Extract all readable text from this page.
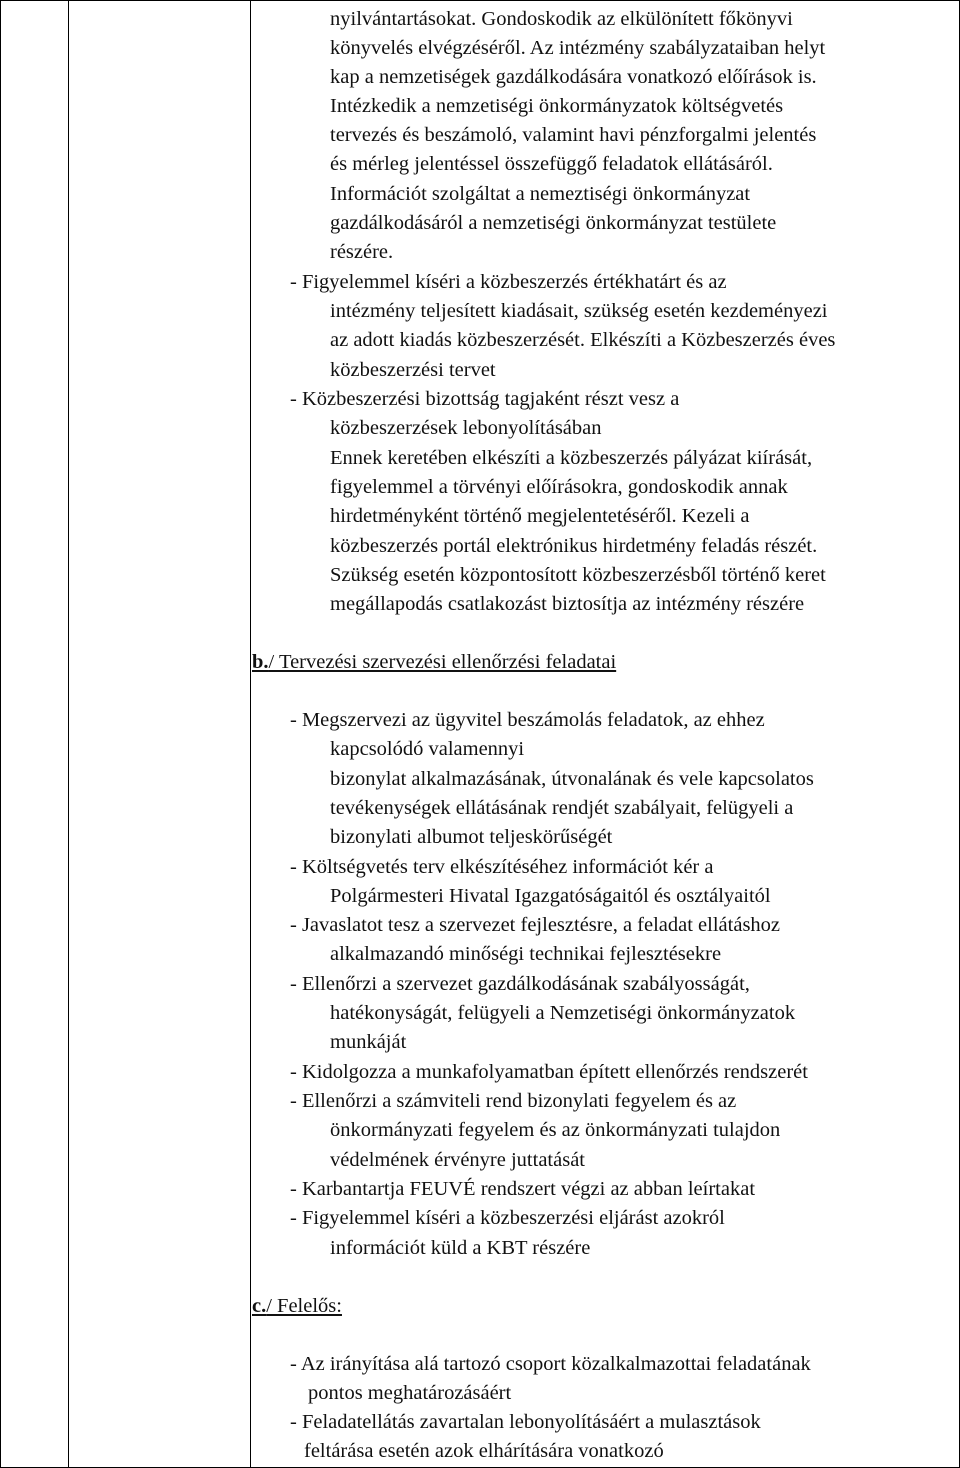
nyilvántartásokat. Gondoskodik az elkülönített főkönyvi
könyvelés elvégzéséről. Az intézmény szabályzataiban helyt
kap a nemzetiségek gazdálkodására vonatkozó előírások is.
Intézkedik a nemzetiségi önkormányzatok költségvetés
tervezés és beszámoló, valamint havi pénzforgalmi jelentés
és mérleg jelentéssel összefüggő feladatok ellátásáról.
Információt szolgáltat a nemeztiségi önkormányzat
gazdálkodásáról a nemzetiségi önkormányzat testülete
részére.
- Figyelemmel kíséri a közbeszerzés értékhatárt és az
intézmény teljesített kiadásait, szükség esetén kezdeményezi
az adott kiadás közbeszerzését. Elkészíti a Közbeszerzés éves
közbeszerzési tervet
- Közbeszerzési bizottság tagjaként részt vesz a
közbeszerzések lebonyolításában
Ennek keretében elkészíti a közbeszerzés pályázat kiírását,
figyelemmel a törvényi előírásokra, gondoskodik annak
hirdetményként történő megjelentetéséről. Kezeli a
közbeszerzés portál elektrónikus hirdetmény feladás részét.
Szükség esetén központosított közbeszerzésből történő keret
megállapodás csatlakozást biztosítja az intézmény részére
b./ Tervezési szervezési ellenőrzési feladatai
- Megszervezi az ügyvitel beszámolás feladatok, az ehhez
kapcsolódó valamennyi
bizonylat alkalmazásának, útvonalának és vele kapcsolatos
tevékenységek ellátásának rendjét szabályait, felügyeli a
bizonylati albumot teljeskörűségét
- Költségvetés terv elkészítéséhez információt kér a
Polgármesteri Hivatal Igazgatóságaitól és osztályaitól
- Javaslatot tesz a szervezet fejlesztésre, a feladat ellátáshoz
alkalmazandó minőségi technikai fejlesztésekre
- Ellenőrzi a szervezet gazdálkodásának szabályosságát,
hatékonyságát, felügyeli a Nemzetiségi önkormányzatok
munkáját
- Kidolgozza a munkafolyamatban épített ellenőrzés rendszerét
- Ellenőrzi a számviteli rend bizonylati fegyelem és az
önkormányzati fegyelem és az önkormányzati tulajdon
védelmének érvényre juttatását
- Karbantartja FEUVÉ rendszert végzi az abban leírtakat
- Figyelemmel kíséri a közbeszerzési eljárást azokról
információt küld a KBT részére
c./ Felelős:
- Az irányítása alá tartozó csoport közalkalmazottai feladatának
pontos meghatározásáért
- Feladatellátás zavartalan lebonyolításáért a mulasztások
feltárása esetén azok elhárítására vonatkozó
